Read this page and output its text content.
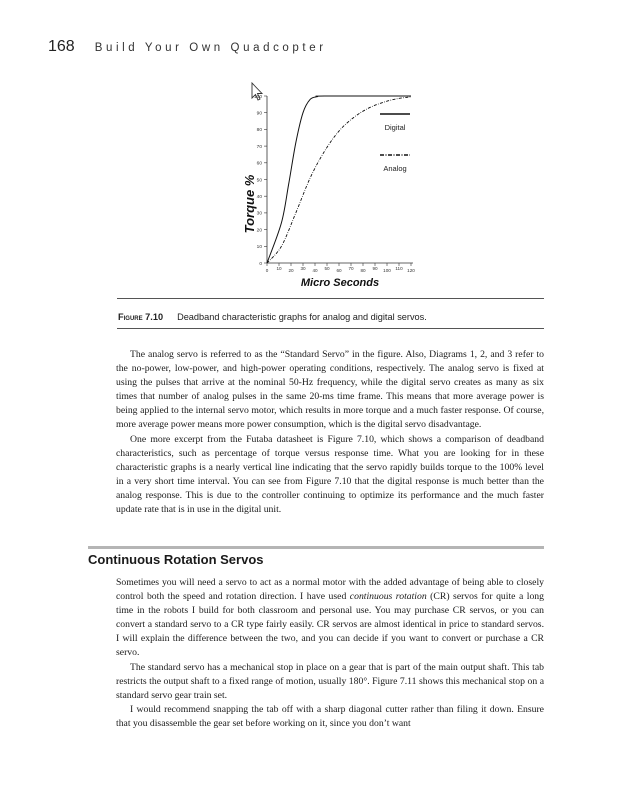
168 Build Your Own Quadcopter
0
10
20
30
40
50
60
70
80
90
100
0 10 20 30 40 50 60 70 80 90 100 110 120
Digital
Analog
Torque %
Micro Seconds
Figure 7.10 Deadband characteristic graphs for analog and digital servos.

The analog servo is referred to as the “Standard Servo” in the figure. Also, Diagrams 1, 2, and 3 refer to the no-power, low-power, and high-power operating conditions, respectively. The analog servo is fixed at using the pulses that arrive at the nominal 50-Hz frequency, while the digital servo creates as many as six times that number of analog pulses in the same 20-ms time frame. This means that more average power is being applied to the internal servo motor, which results in more torque and a much faster response. Of course, more average power means more power consumption, which is the digital servo disadvantage.

One more excerpt from the Futaba datasheet is Figure 7.10, which shows a comparison of deadband characteristics, such as percentage of torque versus response time. What you are looking for in these characteristic graphs is a nearly vertical line indicating that the servo rapidly builds torque to the 100% level in a very short time interval. You can see from Figure 7.10 that the digital response is much better than the analog response. This is due to the controller continuing to optimize its performance and the much faster update rate that is in use in the digital unit.

Continuous Rotation Servos

Sometimes you will need a servo to act as a normal motor with the added advantage of being able to closely control both the speed and rotation direction. I have used continuous rotation (CR) servos for quite a long time in the robots I build for both classroom and personal use. You may purchase CR servos, or you can convert a standard servo to a CR type fairly easily. CR servos are almost identical in price to standard servos. I will explain the difference between the two, and you can decide if you want to convert or purchase a CR servo.

The standard servo has a mechanical stop in place on a gear that is part of the main output shaft. This tab restricts the output shaft to a fixed range of motion, usually 180°. Figure 7.11 shows this mechanical stop on a standard servo gear train set.

I would recommend snapping the tab off with a sharp diagonal cutter rather than filing it down. Ensure that you disassemble the gear set before working on it, since you don’t want
